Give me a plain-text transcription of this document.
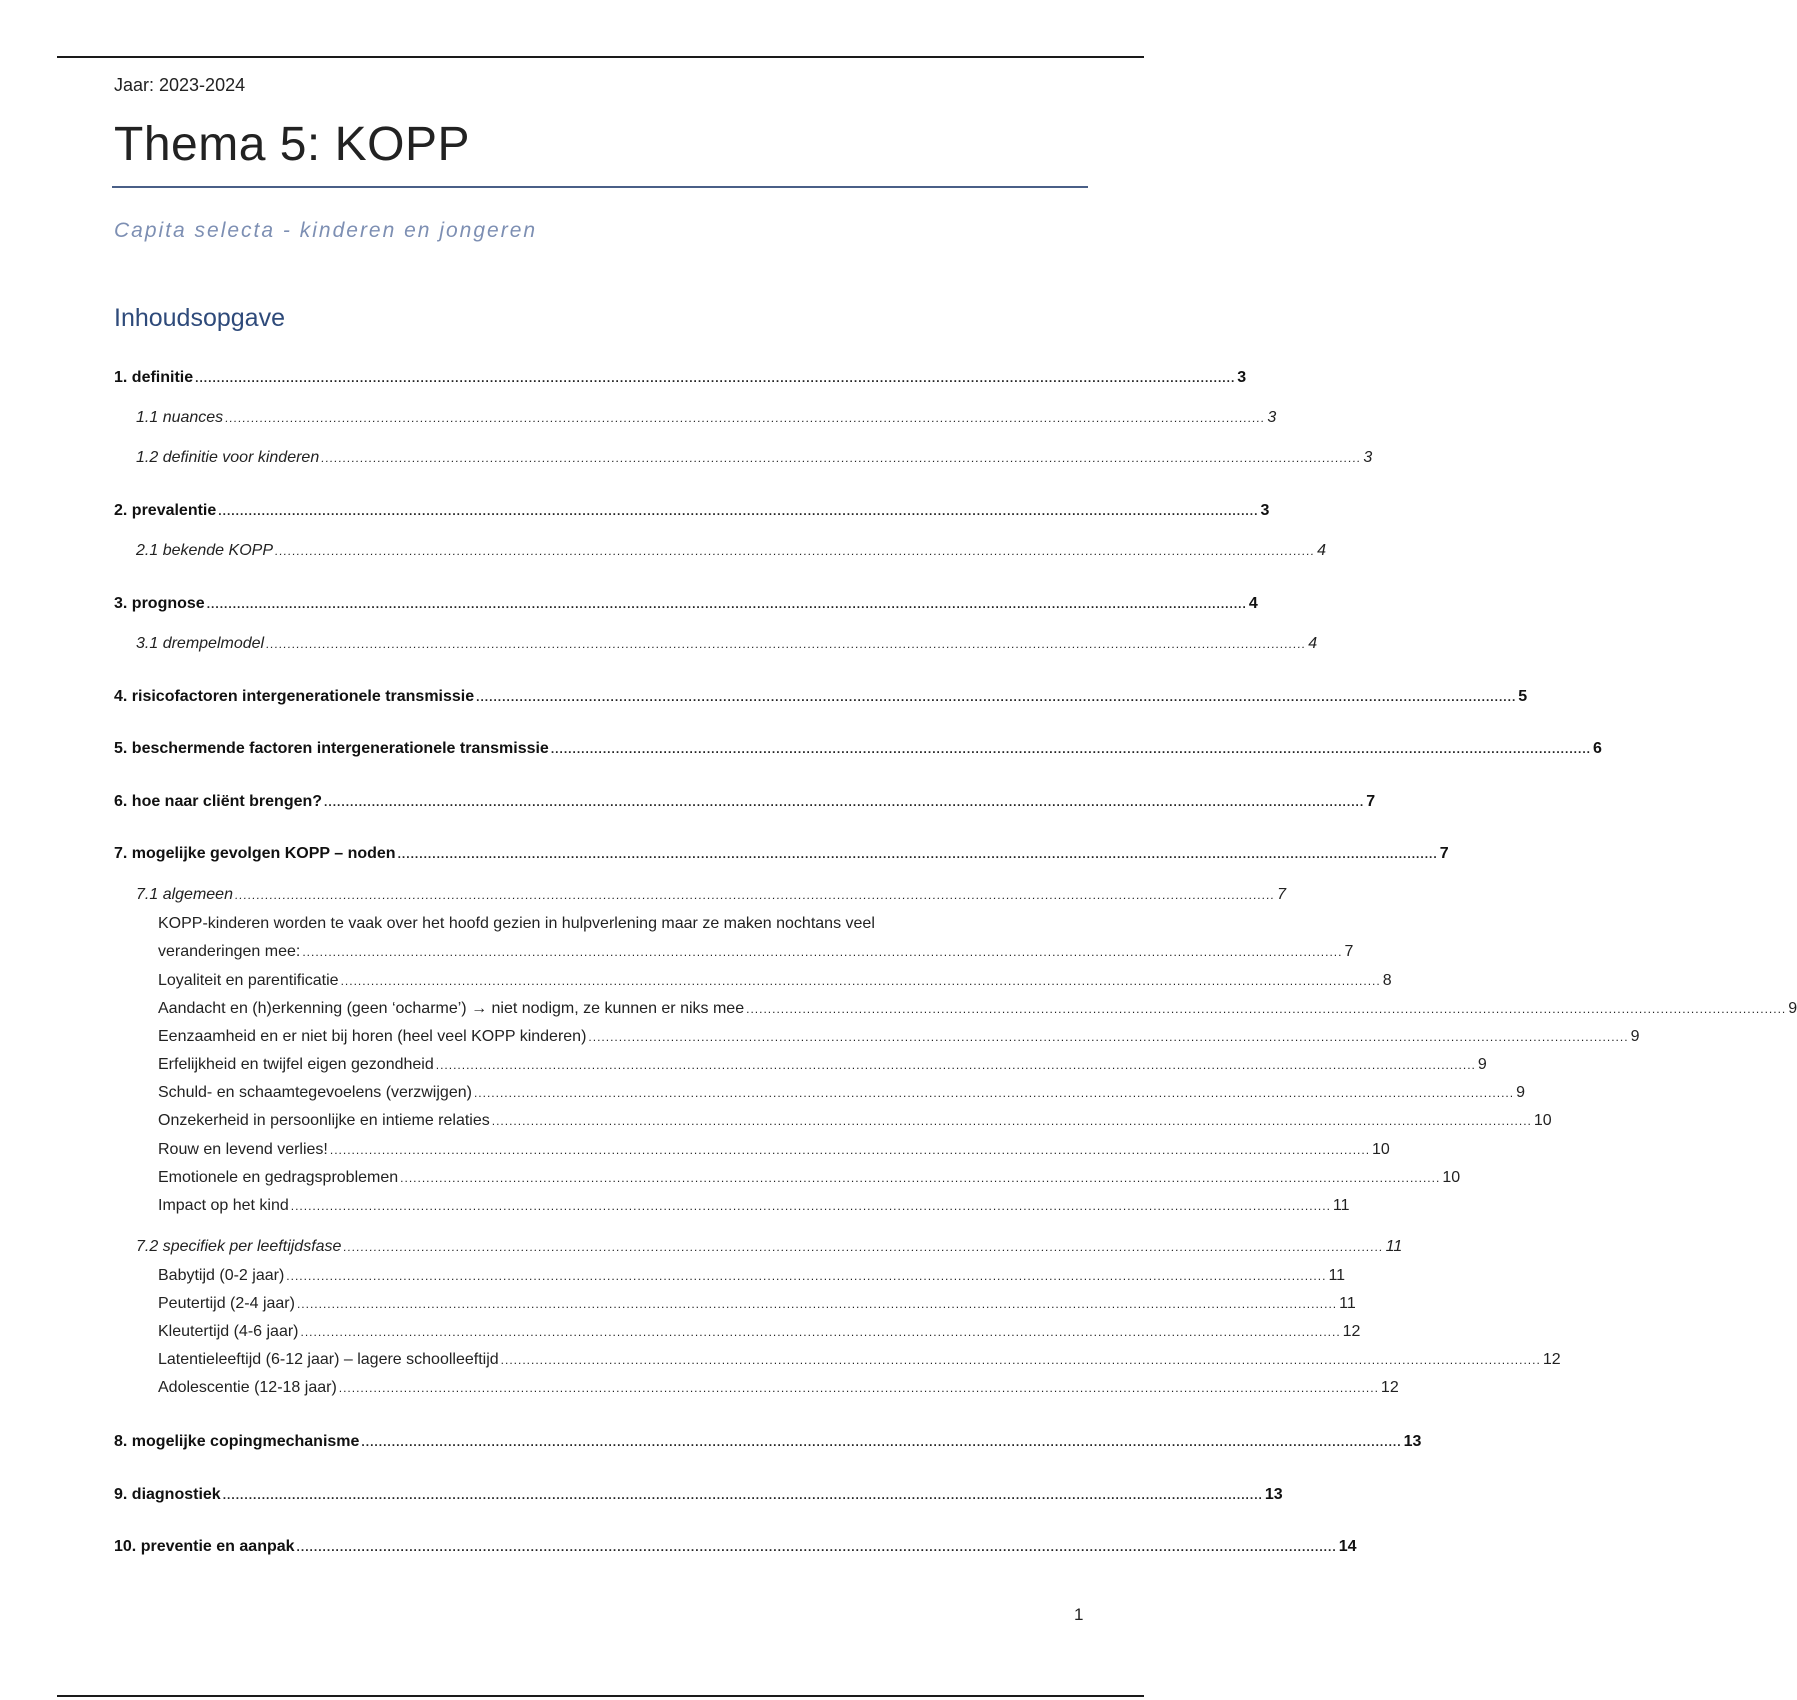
Jaar: 2023-2024
Thema 5: KOPP
Capita selecta - kinderen en jongeren
Inhoudsopgave
1. definitie ................................................................................................................................................................................................................................................ 3
1.1 nuances ................................................................................................................................................................................................................................................ 3
1.2 definitie voor kinderen ................................................................................................................................................................................................................................................ 3
2. prevalentie ................................................................................................................................................................................................................................................ 3
2.1 bekende KOPP ................................................................................................................................................................................................................................................ 4
3. prognose ................................................................................................................................................................................................................................................ 4
3.1 drempelmodel ................................................................................................................................................................................................................................................ 4
4. risicofactoren intergenerationele transmissie ................................................................................................................................................................................................................................................ 5
5. beschermende factoren intergenerationele transmissie ................................................................................................................................................................................................................................................ 6
6. hoe naar cliënt brengen? ................................................................................................................................................................................................................................................ 7
7. mogelijke gevolgen KOPP – noden ................................................................................................................................................................................................................................................ 7
7.1 algemeen ................................................................................................................................................................................................................................................ 7
KOPP-kinderen worden te vaak over het hoofd gezien in hulpverlening maar ze maken nochtans veel
veranderingen mee: ................................................................................................................................................................................................................................................ 7
Loyaliteit en parentificatie ................................................................................................................................................................................................................................................ 8
Aandacht en (h)erkenning (geen ‘ocharme’) → niet nodigm, ze kunnen er niks mee ................................................................................................................................................................................................................................................ 9
Eenzaamheid en er niet bij horen (heel veel KOPP kinderen) ................................................................................................................................................................................................................................................ 9
Erfelijkheid en twijfel eigen gezondheid ................................................................................................................................................................................................................................................ 9
Schuld- en schaamtegevoelens (verzwijgen) ................................................................................................................................................................................................................................................ 9
Onzekerheid in persoonlijke en intieme relaties ................................................................................................................................................................................................................................................ 10
Rouw en levend verlies! ................................................................................................................................................................................................................................................ 10
Emotionele en gedragsproblemen ................................................................................................................................................................................................................................................ 10
Impact op het kind ................................................................................................................................................................................................................................................ 11
7.2 specifiek per leeftijdsfase ................................................................................................................................................................................................................................................ 11
Babytijd (0-2 jaar) ................................................................................................................................................................................................................................................ 11
Peutertijd (2-4 jaar) ................................................................................................................................................................................................................................................ 11
Kleutertijd (4-6 jaar) ................................................................................................................................................................................................................................................ 12
Latentieleeftijd (6-12 jaar) – lagere schoolleeftijd ................................................................................................................................................................................................................................................ 12
Adolescentie (12-18 jaar) ................................................................................................................................................................................................................................................ 12
8. mogelijke copingmechanisme ................................................................................................................................................................................................................................................ 13
9. diagnostiek ................................................................................................................................................................................................................................................ 13
10. preventie en aanpak ................................................................................................................................................................................................................................................ 14
1
